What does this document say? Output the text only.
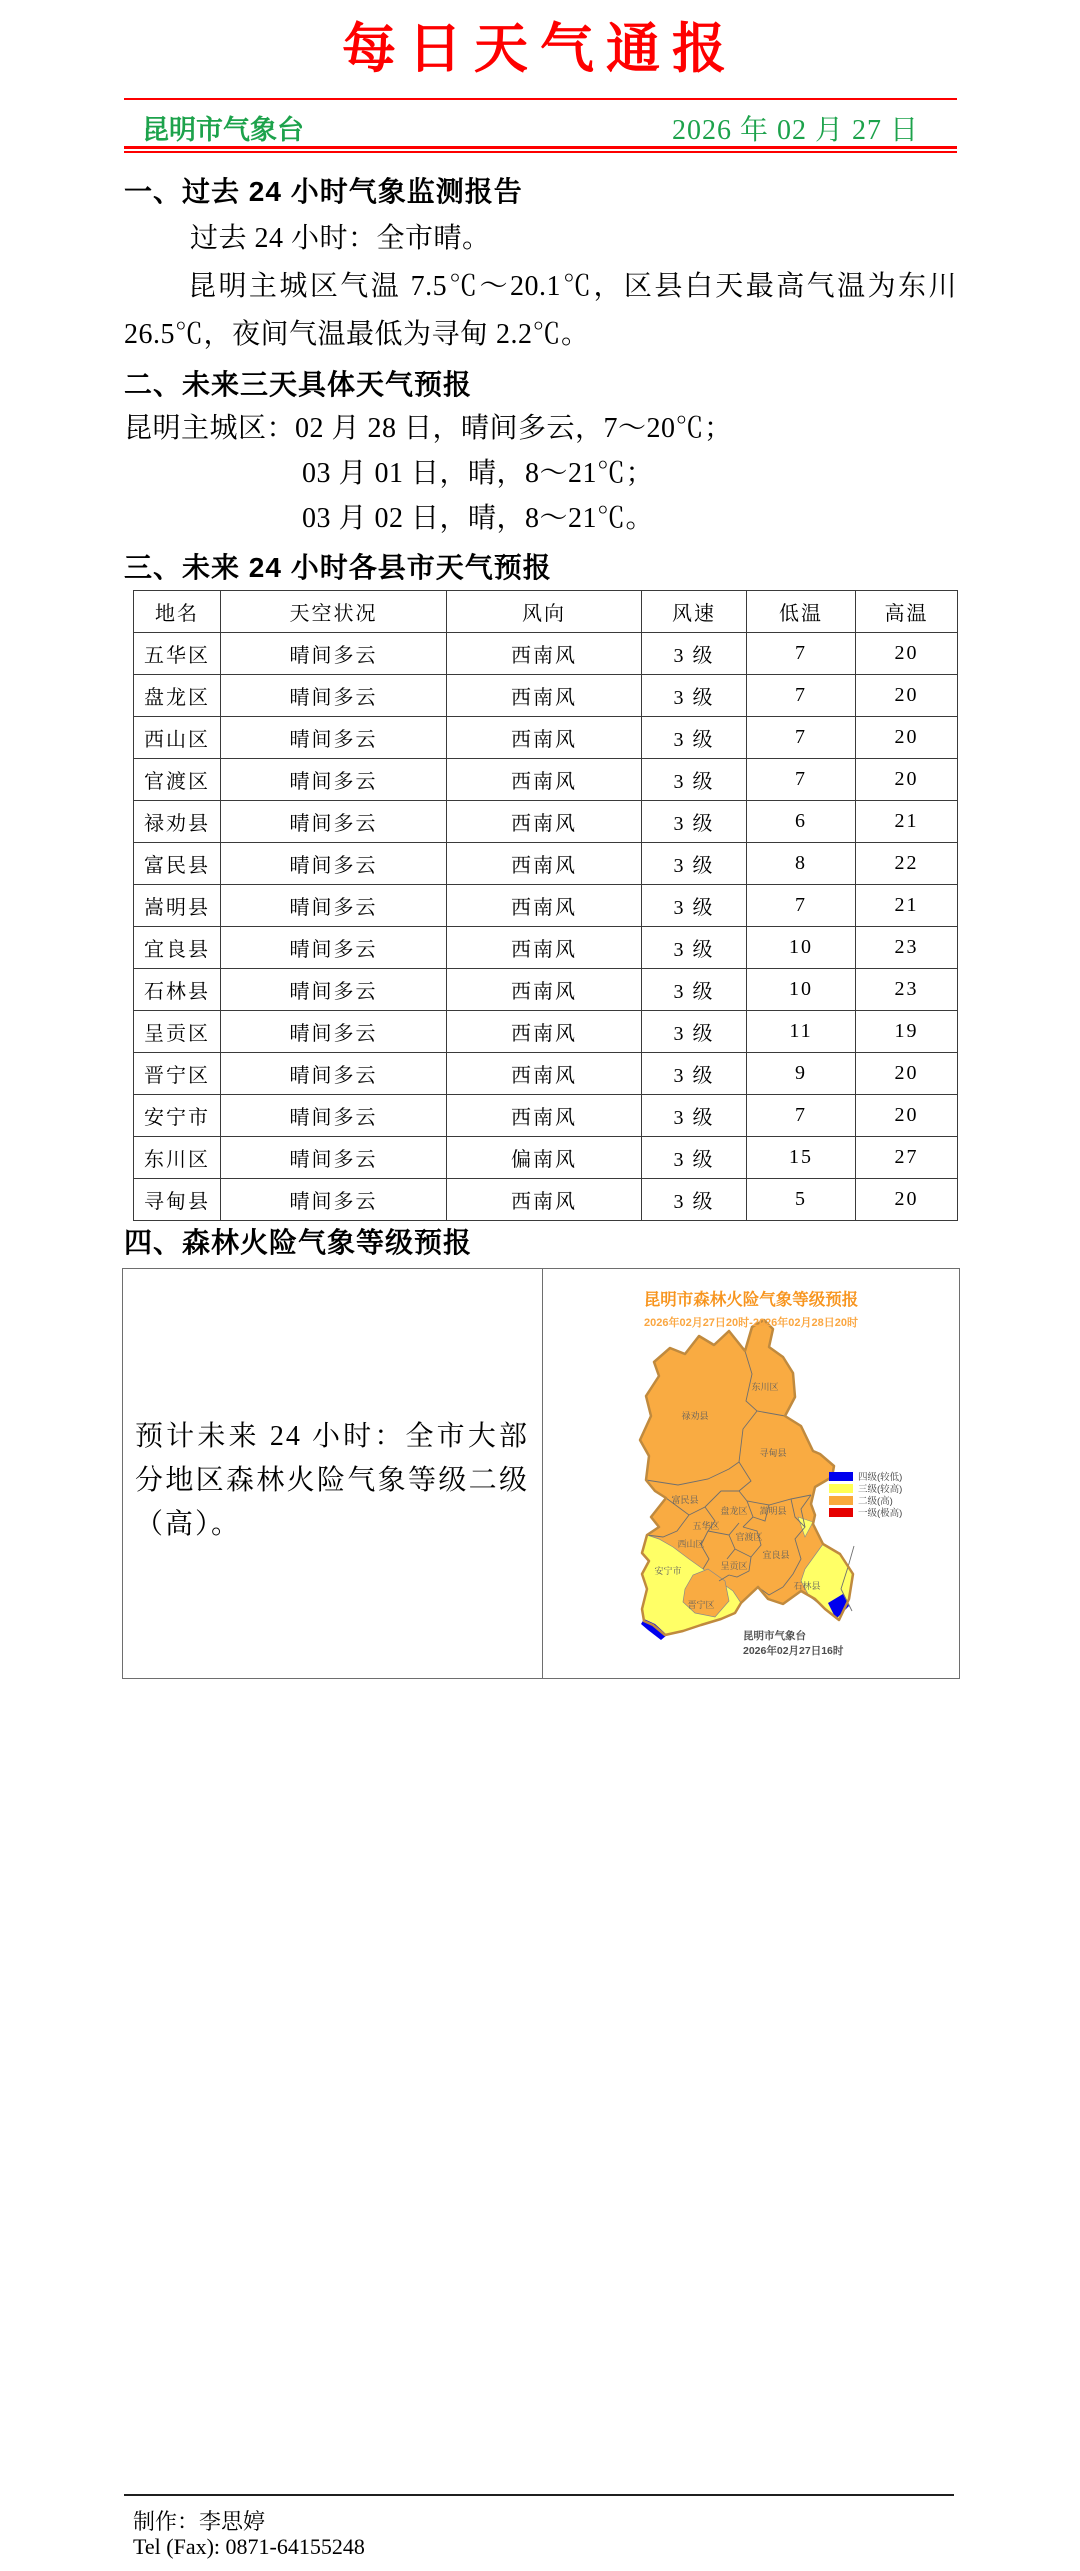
每日天气通报
昆明市气象台	2026 年 02 月 27 日
一、过去 24 小时气象监测报告
过去 24 小时：全市晴。
昆明主城区气温 7.5℃～20.1℃，区县白天最高气温为东川
26.5℃，夜间气温最低为寻甸 2.2℃。
二、未来三天具体天气预报
昆明主城区：02 月 28 日，晴间多云，7～20℃；
03 月 01 日，晴，8～21℃；
03 月 02 日，晴，8～21℃。
三、未来 24 小时各县市天气预报
地名	天空状况	风向	风速	低温	高温
五华区	晴间多云	西南风	3 级	7	20
盘龙区	晴间多云	西南风	3 级	7	20
西山区	晴间多云	西南风	3 级	7	20
官渡区	晴间多云	西南风	3 级	7	20
禄劝县	晴间多云	西南风	3 级	6	21
富民县	晴间多云	西南风	3 级	8	22
嵩明县	晴间多云	西南风	3 级	7	21
宜良县	晴间多云	西南风	3 级	10	23
石林县	晴间多云	西南风	3 级	10	23
呈贡区	晴间多云	西南风	3 级	11	19
晋宁区	晴间多云	西南风	3 级	9	20
安宁市	晴间多云	西南风	3 级	7	20
东川区	晴间多云	偏南风	3 级	15	27
寻甸县	晴间多云	西南风	3 级	5	20
四、森林火险气象等级预报
预计未来 24 小时：全市大部分地区森林火险气象等级二级（高）。
昆明市森林火险气象等级预报
2026年02月27日20时-2026年02月28日20时
东川区
禄劝县
寻甸县
富民县
盘龙区 嵩明县
五华区
官渡区
西山区
呈贡区
宜良县
安宁市
晋宁区
石林县
四级(较低)
三级(较高)
二级(高)
一级(极高)
昆明市气象台
2026年02月27日16时
制作：李思婷
Tel (Fax): 0871-64155248
